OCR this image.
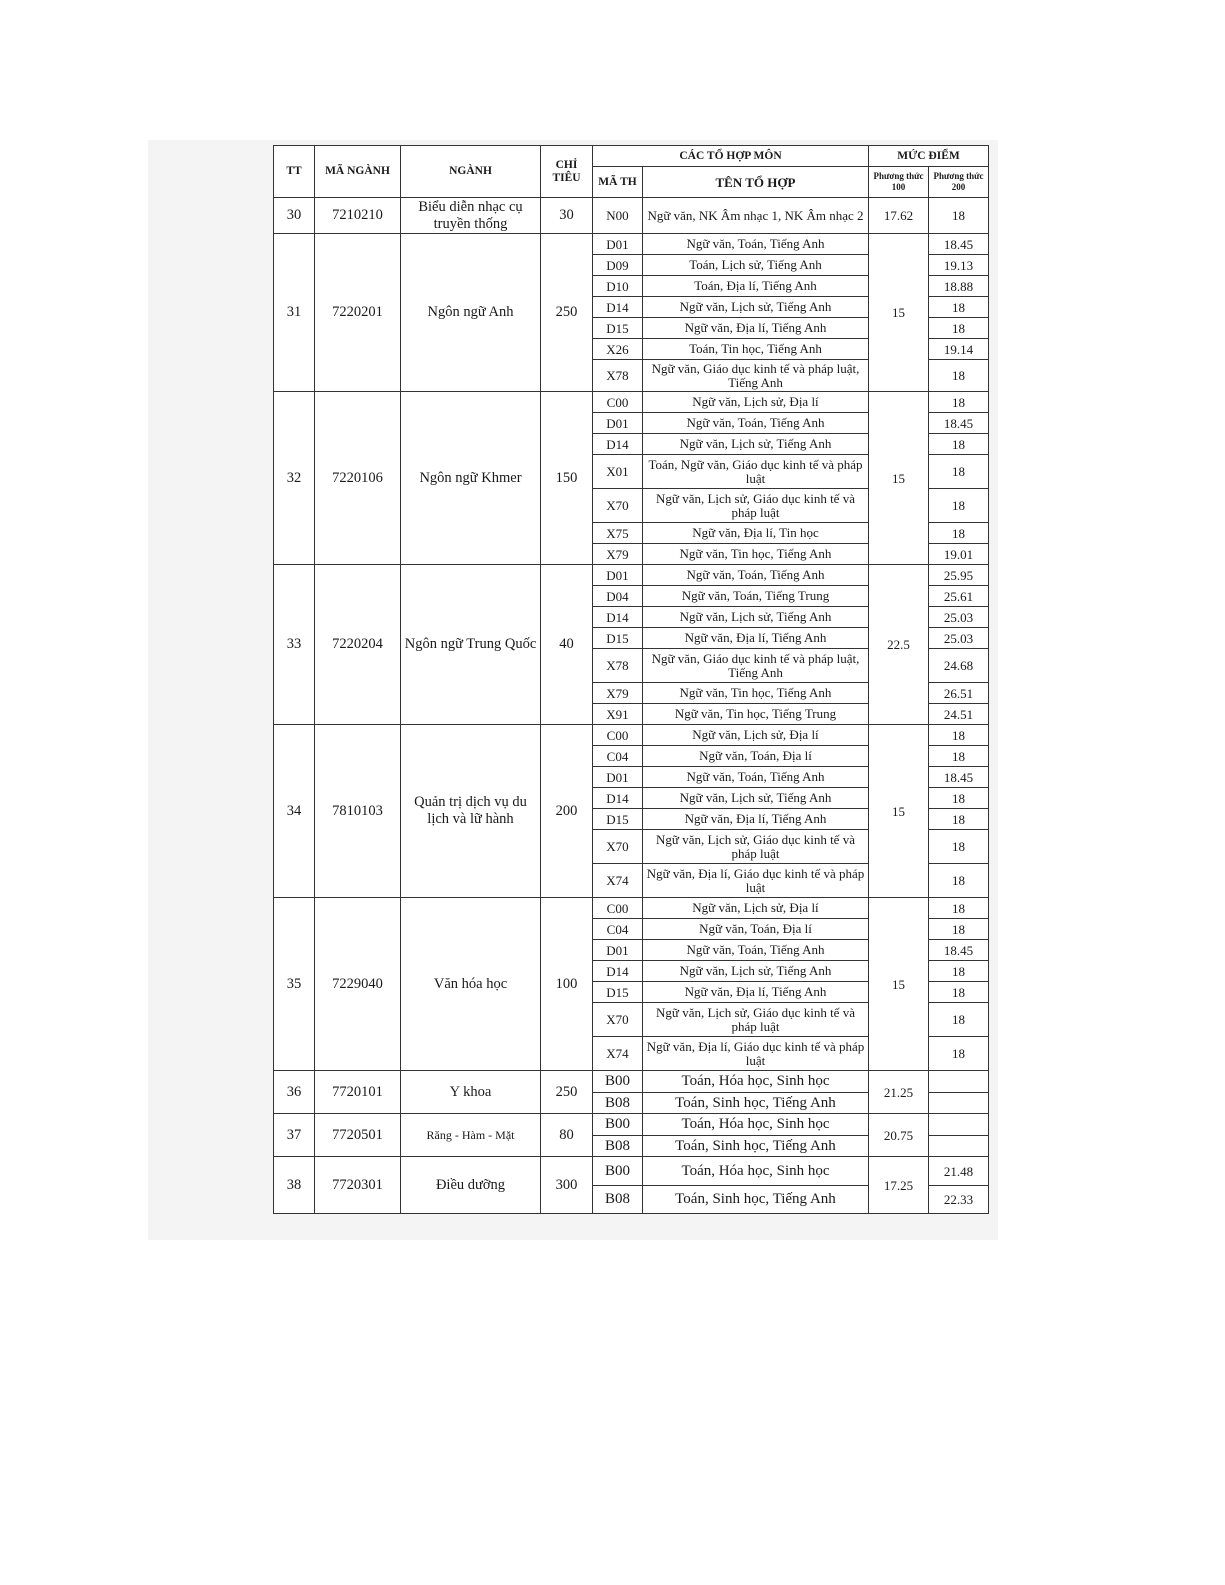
TT	MÃ NGÀNH	NGÀNH	CHỈ TIÊU	CÁC TỔ HỢP MÔN		MỨC ĐIỂM	
				MÃ TH	TÊN TỔ HỢP	Phương thức 100	Phương thức 200
30	7210210	Biểu diễn nhạc cụ truyền thống	30	N00	Ngữ văn, NK Âm nhạc 1, NK Âm nhạc 2	17.62	18
31	7220201	Ngôn ngữ Anh	250	D01	Ngữ văn, Toán, Tiếng Anh	15	18.45
				D09	Toán, Lịch sử, Tiếng Anh		19.13
				D10	Toán, Địa lí, Tiếng Anh		18.88
				D14	Ngữ văn, Lịch sử, Tiếng Anh		18
				D15	Ngữ văn, Địa lí, Tiếng Anh		18
				X26	Toán, Tin học, Tiếng Anh		19.14
				X78	Ngữ văn, Giáo dục kinh tế và pháp luật, Tiếng Anh		18
32	7220106	Ngôn ngữ Khmer	150	C00	Ngữ văn, Lịch sử, Địa lí	15	18
				D01	Ngữ văn, Toán, Tiếng Anh		18.45
				D14	Ngữ văn, Lịch sử, Tiếng Anh		18
				X01	Toán, Ngữ văn, Giáo dục kinh tế và pháp luật		18
				X70	Ngữ văn, Lịch sử, Giáo dục kinh tế và pháp luật		18
				X75	Ngữ văn, Địa lí, Tin học		18
				X79	Ngữ văn, Tin học, Tiếng Anh		19.01
33	7220204	Ngôn ngữ Trung Quốc	40	D01	Ngữ văn, Toán, Tiếng Anh	22.5	25.95
				D04	Ngữ văn, Toán, Tiếng Trung		25.61
				D14	Ngữ văn, Lịch sử, Tiếng Anh		25.03
				D15	Ngữ văn, Địa lí, Tiếng Anh		25.03
				X78	Ngữ văn, Giáo dục kinh tế và pháp luật, Tiếng Anh		24.68
				X79	Ngữ văn, Tin học, Tiếng Anh		26.51
				X91	Ngữ văn, Tin học, Tiếng Trung		24.51
34	7810103	Quản trị dịch vụ du lịch và lữ hành	200	C00	Ngữ văn, Lịch sử, Địa lí	15	18
				C04	Ngữ văn, Toán, Địa lí		18
				D01	Ngữ văn, Toán, Tiếng Anh		18.45
				D14	Ngữ văn, Lịch sử, Tiếng Anh		18
				D15	Ngữ văn, Địa lí, Tiếng Anh		18
				X70	Ngữ văn, Lịch sử, Giáo dục kinh tế và pháp luật		18
				X74	Ngữ văn, Địa lí, Giáo dục kinh tế và pháp luật		18
35	7229040	Văn hóa học	100	C00	Ngữ văn, Lịch sử, Địa lí	15	18
				C04	Ngữ văn, Toán, Địa lí		18
				D01	Ngữ văn, Toán, Tiếng Anh		18.45
				D14	Ngữ văn, Lịch sử, Tiếng Anh		18
				D15	Ngữ văn, Địa lí, Tiếng Anh		18
				X70	Ngữ văn, Lịch sử, Giáo dục kinh tế và pháp luật		18
				X74	Ngữ văn, Địa lí, Giáo dục kinh tế và pháp luật		18
36	7720101	Y khoa	250	B00	Toán, Hóa học, Sinh học	21.25	
				B08	Toán, Sinh học, Tiếng Anh		
37	7720501	Răng - Hàm - Mặt	80	B00	Toán, Hóa học, Sinh học	20.75	
				B08	Toán, Sinh học, Tiếng Anh		
38	7720301	Điều dưỡng	300	B00	Toán, Hóa học, Sinh học	17.25	21.48
				B08	Toán, Sinh học, Tiếng Anh		22.33
